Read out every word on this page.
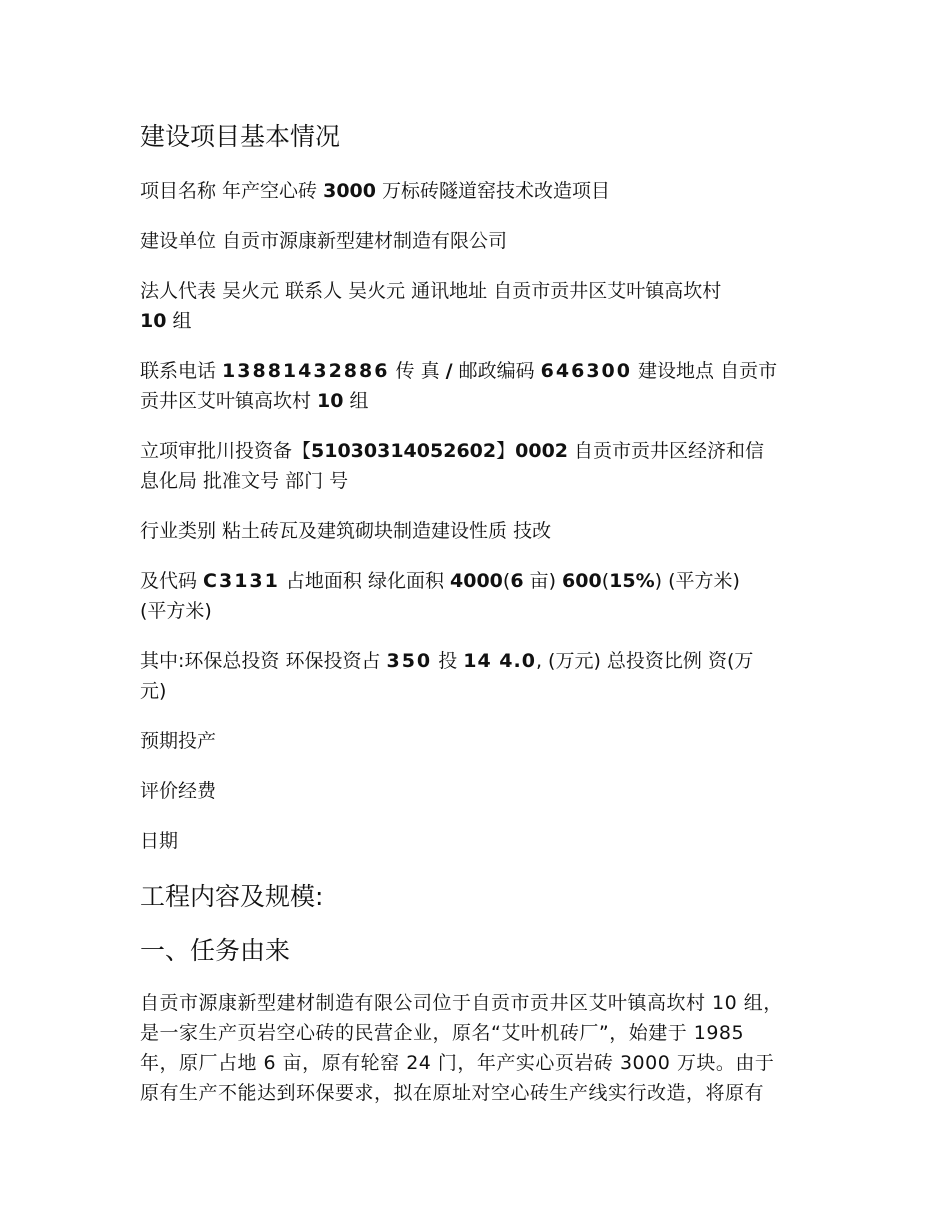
建设项目基本情况
项目名称 年产空心砖 3000 万标砖隧道窑技术改造项目
建设单位 自贡市源康新型建材制造有限公司
法人代表 吴火元 联系人 吴火元 通讯地址 自贡市贡井区艾叶镇高坎村
10 组
联系电话 13881432886 传 真 / 邮政编码 646300 建设地点 自贡市
贡井区艾叶镇高坎村 10 组
立项审批川投资备【51030314052602】0002 自贡市贡井区经济和信
息化局 批准文号 部门 号
行业类别 粘土砖瓦及建筑砌块制造建设性质 技改
及代码 C3131 占地面积 绿化面积 4000(6 亩) 600(15%) (平方米)
(平方米)
其中:环保总投资 环保投资占 350 投 14 4.0, (万元) 总投资比例 资(万
元)
预期投产
评价经费
日期
工程内容及规模:
一、任务由来
自贡市源康新型建材制造有限公司位于自贡市贡井区艾叶镇高坎村 10 组，
是一家生产页岩空心砖的民营企业，原名“艾叶机砖厂”，始建于 1985
年，原厂占地 6 亩，原有轮窑 24 门，年产实心页岩砖 3000 万块。由于
原有生产不能达到环保要求，拟在原址对空心砖生产线实行改造，将原有
